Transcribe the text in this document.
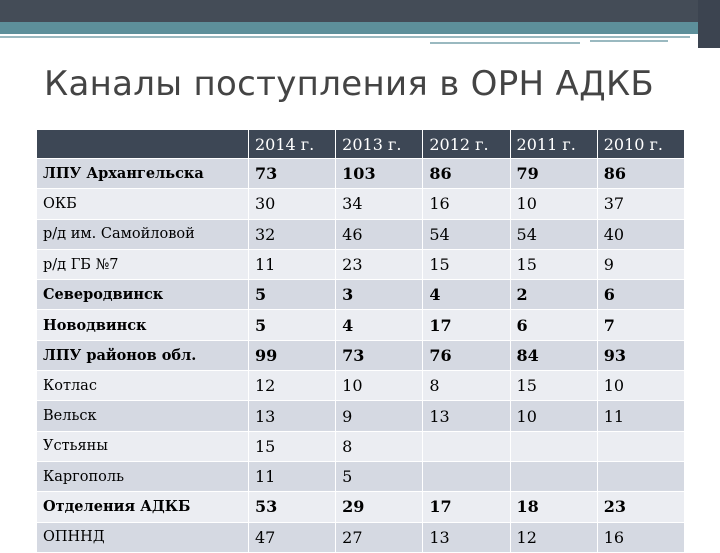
Каналы поступления в ОРН АДКБ
	2014 г.	2013 г.	2012 г.	2011 г.	2010 г.
ЛПУ Архангельска	73	103	86	79	86
ОКБ	30	34	16	10	37
р/д им. Самойловой	32	46	54	54	40
р/д ГБ №7	11	23	15	15	9
Северодвинск	5	3	4	2	6
Новодвинск	5	4	17	6	7
ЛПУ районов обл.	99	73	76	84	93
Котлас	12	10	8	15	10
Вельск	13	9	13	10	11
Устьяны	15	8			
Каргополь	11	5			
Отделения АДКБ	53	29	17	18	23
ОПННД	47	27	13	12	16
